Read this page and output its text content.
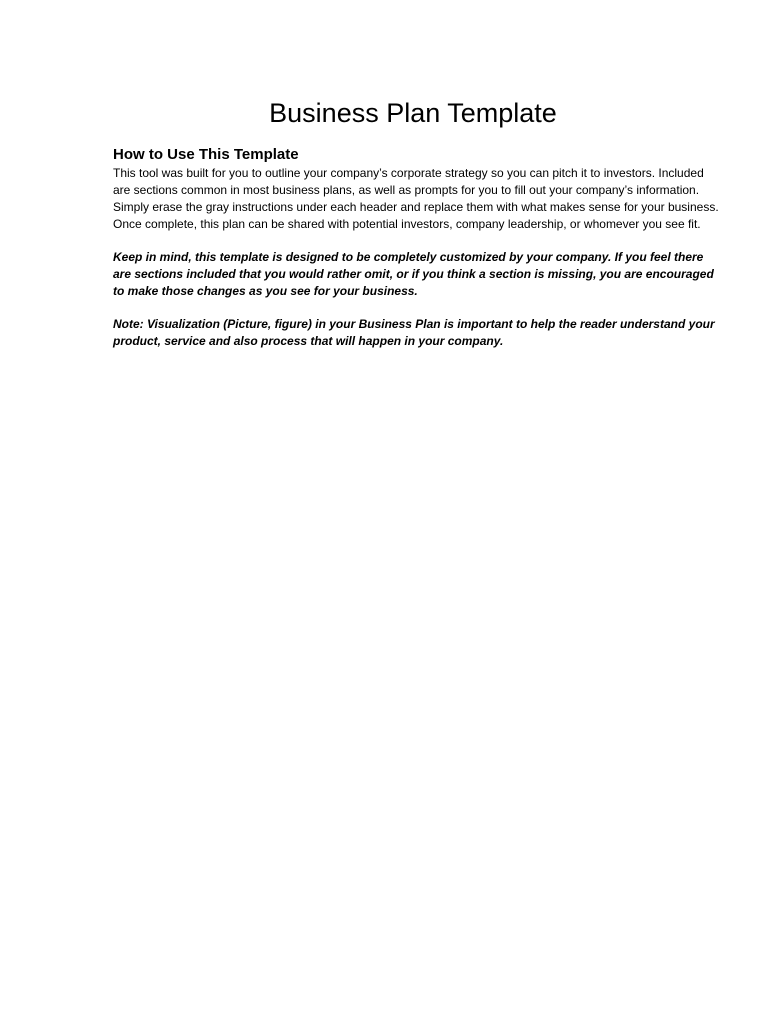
Business Plan Template
How to Use This Template

This tool was built for you to outline your company’s corporate strategy so you can pitch it to investors. Included are sections common in most business plans, as well as prompts for you to fill out your company’s information. Simply erase the gray instructions under each header and replace them with what makes sense for your business.

Once complete, this plan can be shared with potential investors, company leadership, or whomever you see fit.

Keep in mind, this template is designed to be completely customized by your company. If you feel there are sections included that you would rather omit, or if you think a section is missing, you are encouraged to make those changes as you see for your business.

Note: Visualization (Picture, figure) in your Business Plan is important to help the reader understand your product, service and also process that will happen in your company.
